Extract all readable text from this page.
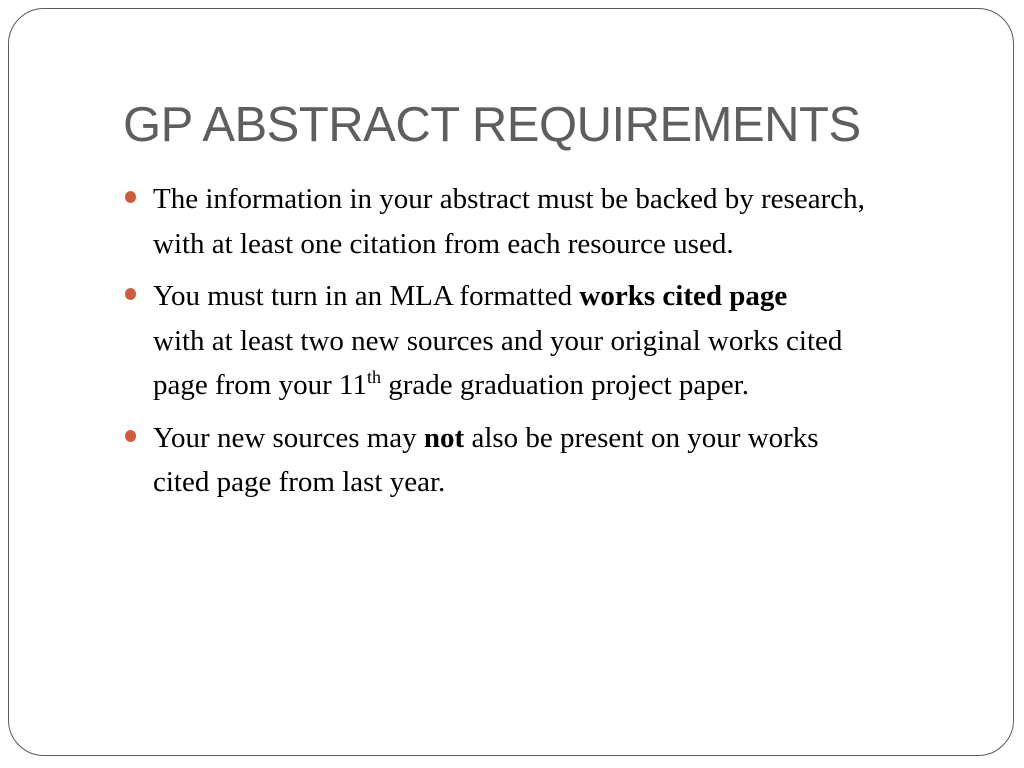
GP ABSTRACT REQUIREMENTS
The information in your abstract must be backed by research,
with at least one citation from each resource used.
You must turn in an MLA formatted works cited page
with at least two new sources and your original works cited
page from your 11th grade graduation project paper.
Your new sources may not also be present on your works
cited page from last year.
